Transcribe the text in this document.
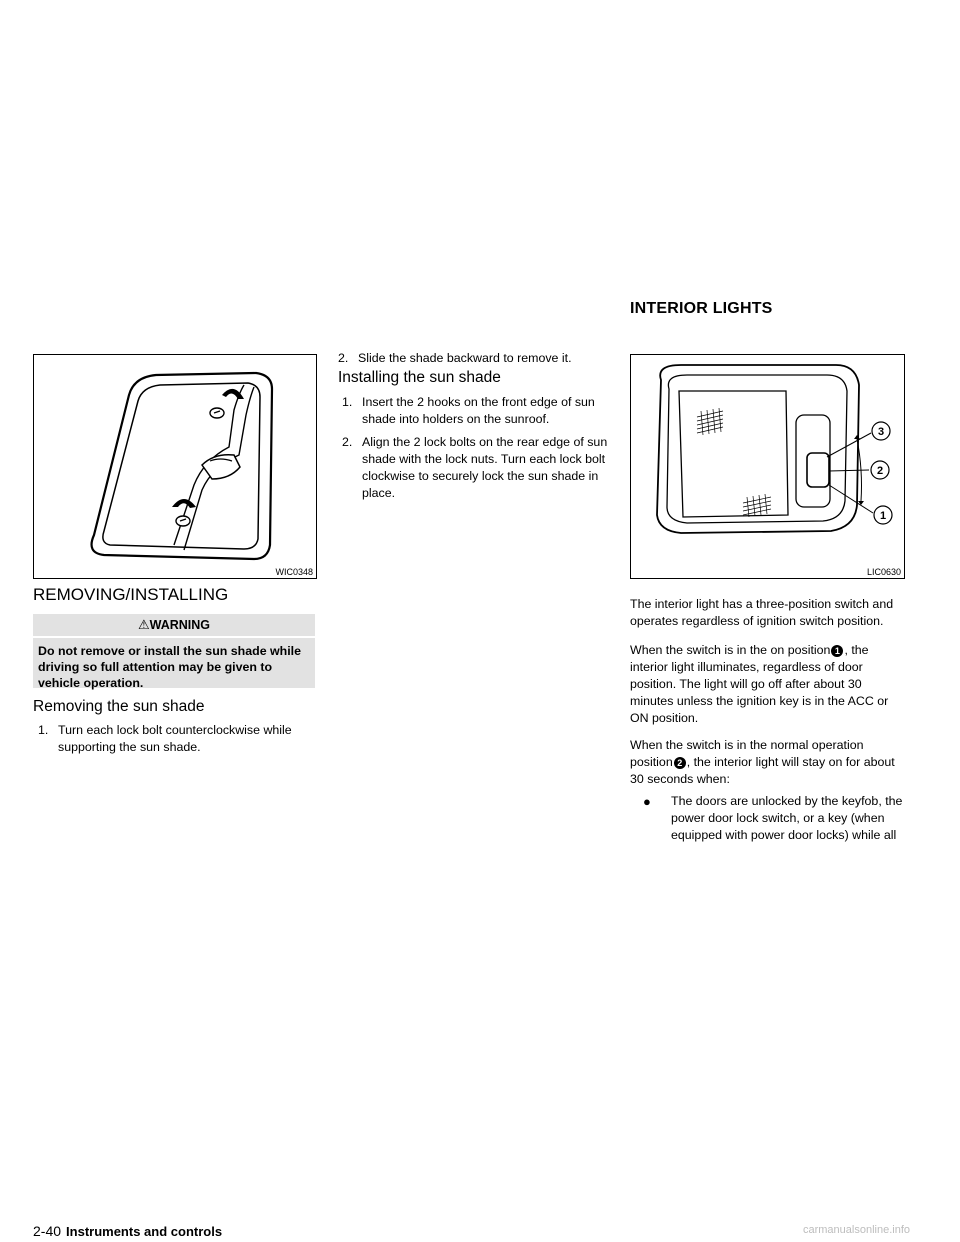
INTERIOR LIGHTS
WIC0348
3
2
1
LIC0630
REMOVING/INSTALLING
⚠WARNING
Do not remove or install the sun shade while driving so full attention may be given to vehicle operation.
Removing the sun shade
1. Turn each lock bolt counterclockwise while supporting the sun shade.
2. Slide the shade backward to remove it.
Installing the sun shade
1. Insert the 2 hooks on the front edge of sun shade into holders on the sunroof.
2. Align the 2 lock bolts on the rear edge of sun shade with the lock nuts. Turn each lock bolt clockwise to securely lock the sun shade in place.
The interior light has a three-position switch and operates regardless of ignition switch position.
When the switch is in the on position 1 , the interior light illuminates, regardless of door position. The light will go off after about 30 minutes unless the ignition key is in the ACC or ON position.
When the switch is in the normal operation position 2 , the interior light will stay on for about 30 seconds when:
● The doors are unlocked by the keyfob, the power door lock switch, or a key (when equipped with power door locks) while all
2-40 Instruments and controls	carmanualsonline.info
